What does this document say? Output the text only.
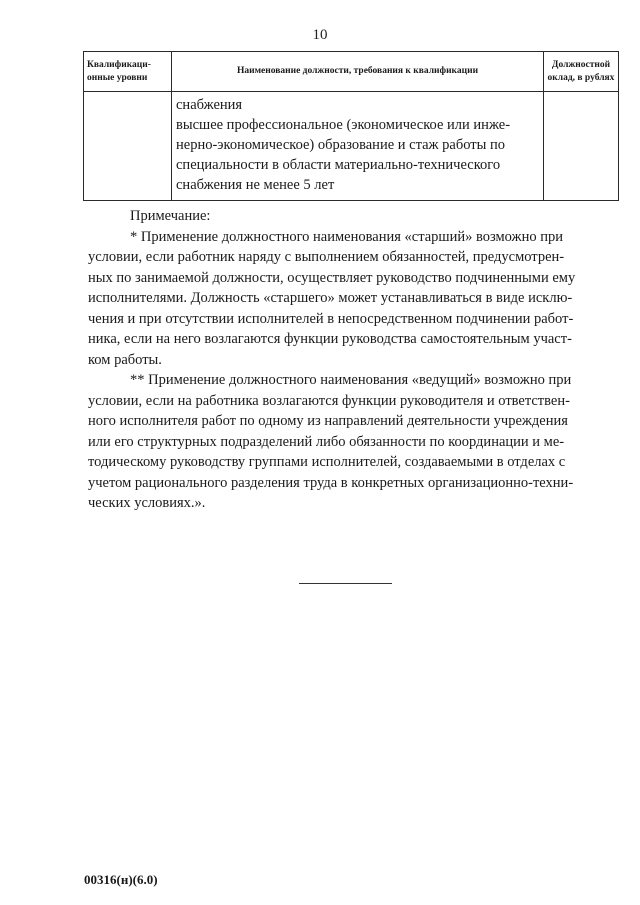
10
Квалификаци-
онные уровни	Наименование должности, требования к квалификации	Должностной
оклад, в рублях

	снабжения
высшее профессиональное (экономическое или инже-
нерно-экономическое) образование и стаж работы по
специальности в области материально-технического
снабжения не менее 5 лет	

Примечание:
* Применение должностного наименования «старший» возможно при
условии, если работник наряду с выполнением обязанностей, предусмотрен-
ных по занимаемой должности, осуществляет руководство подчиненными ему
исполнителями. Должность «старшего» может устанавливаться в виде исклю-
чения и при отсутствии исполнителей в непосредственном подчинении работ-
ника, если на него возлагаются функции руководства самостоятельным участ-
ком работы.
** Применение должностного наименования «ведущий» возможно при
условии, если на работника возлагаются функции руководителя и ответствен-
ного исполнителя работ по одному из направлений деятельности учреждения
или его структурных подразделений либо обязанности по координации и ме-
тодическому руководству группами исполнителей, создаваемыми в отделах с
учетом рационального разделения труда в конкретных организационно-техни-
ческих условиях.».
00316(н)(6.0)
